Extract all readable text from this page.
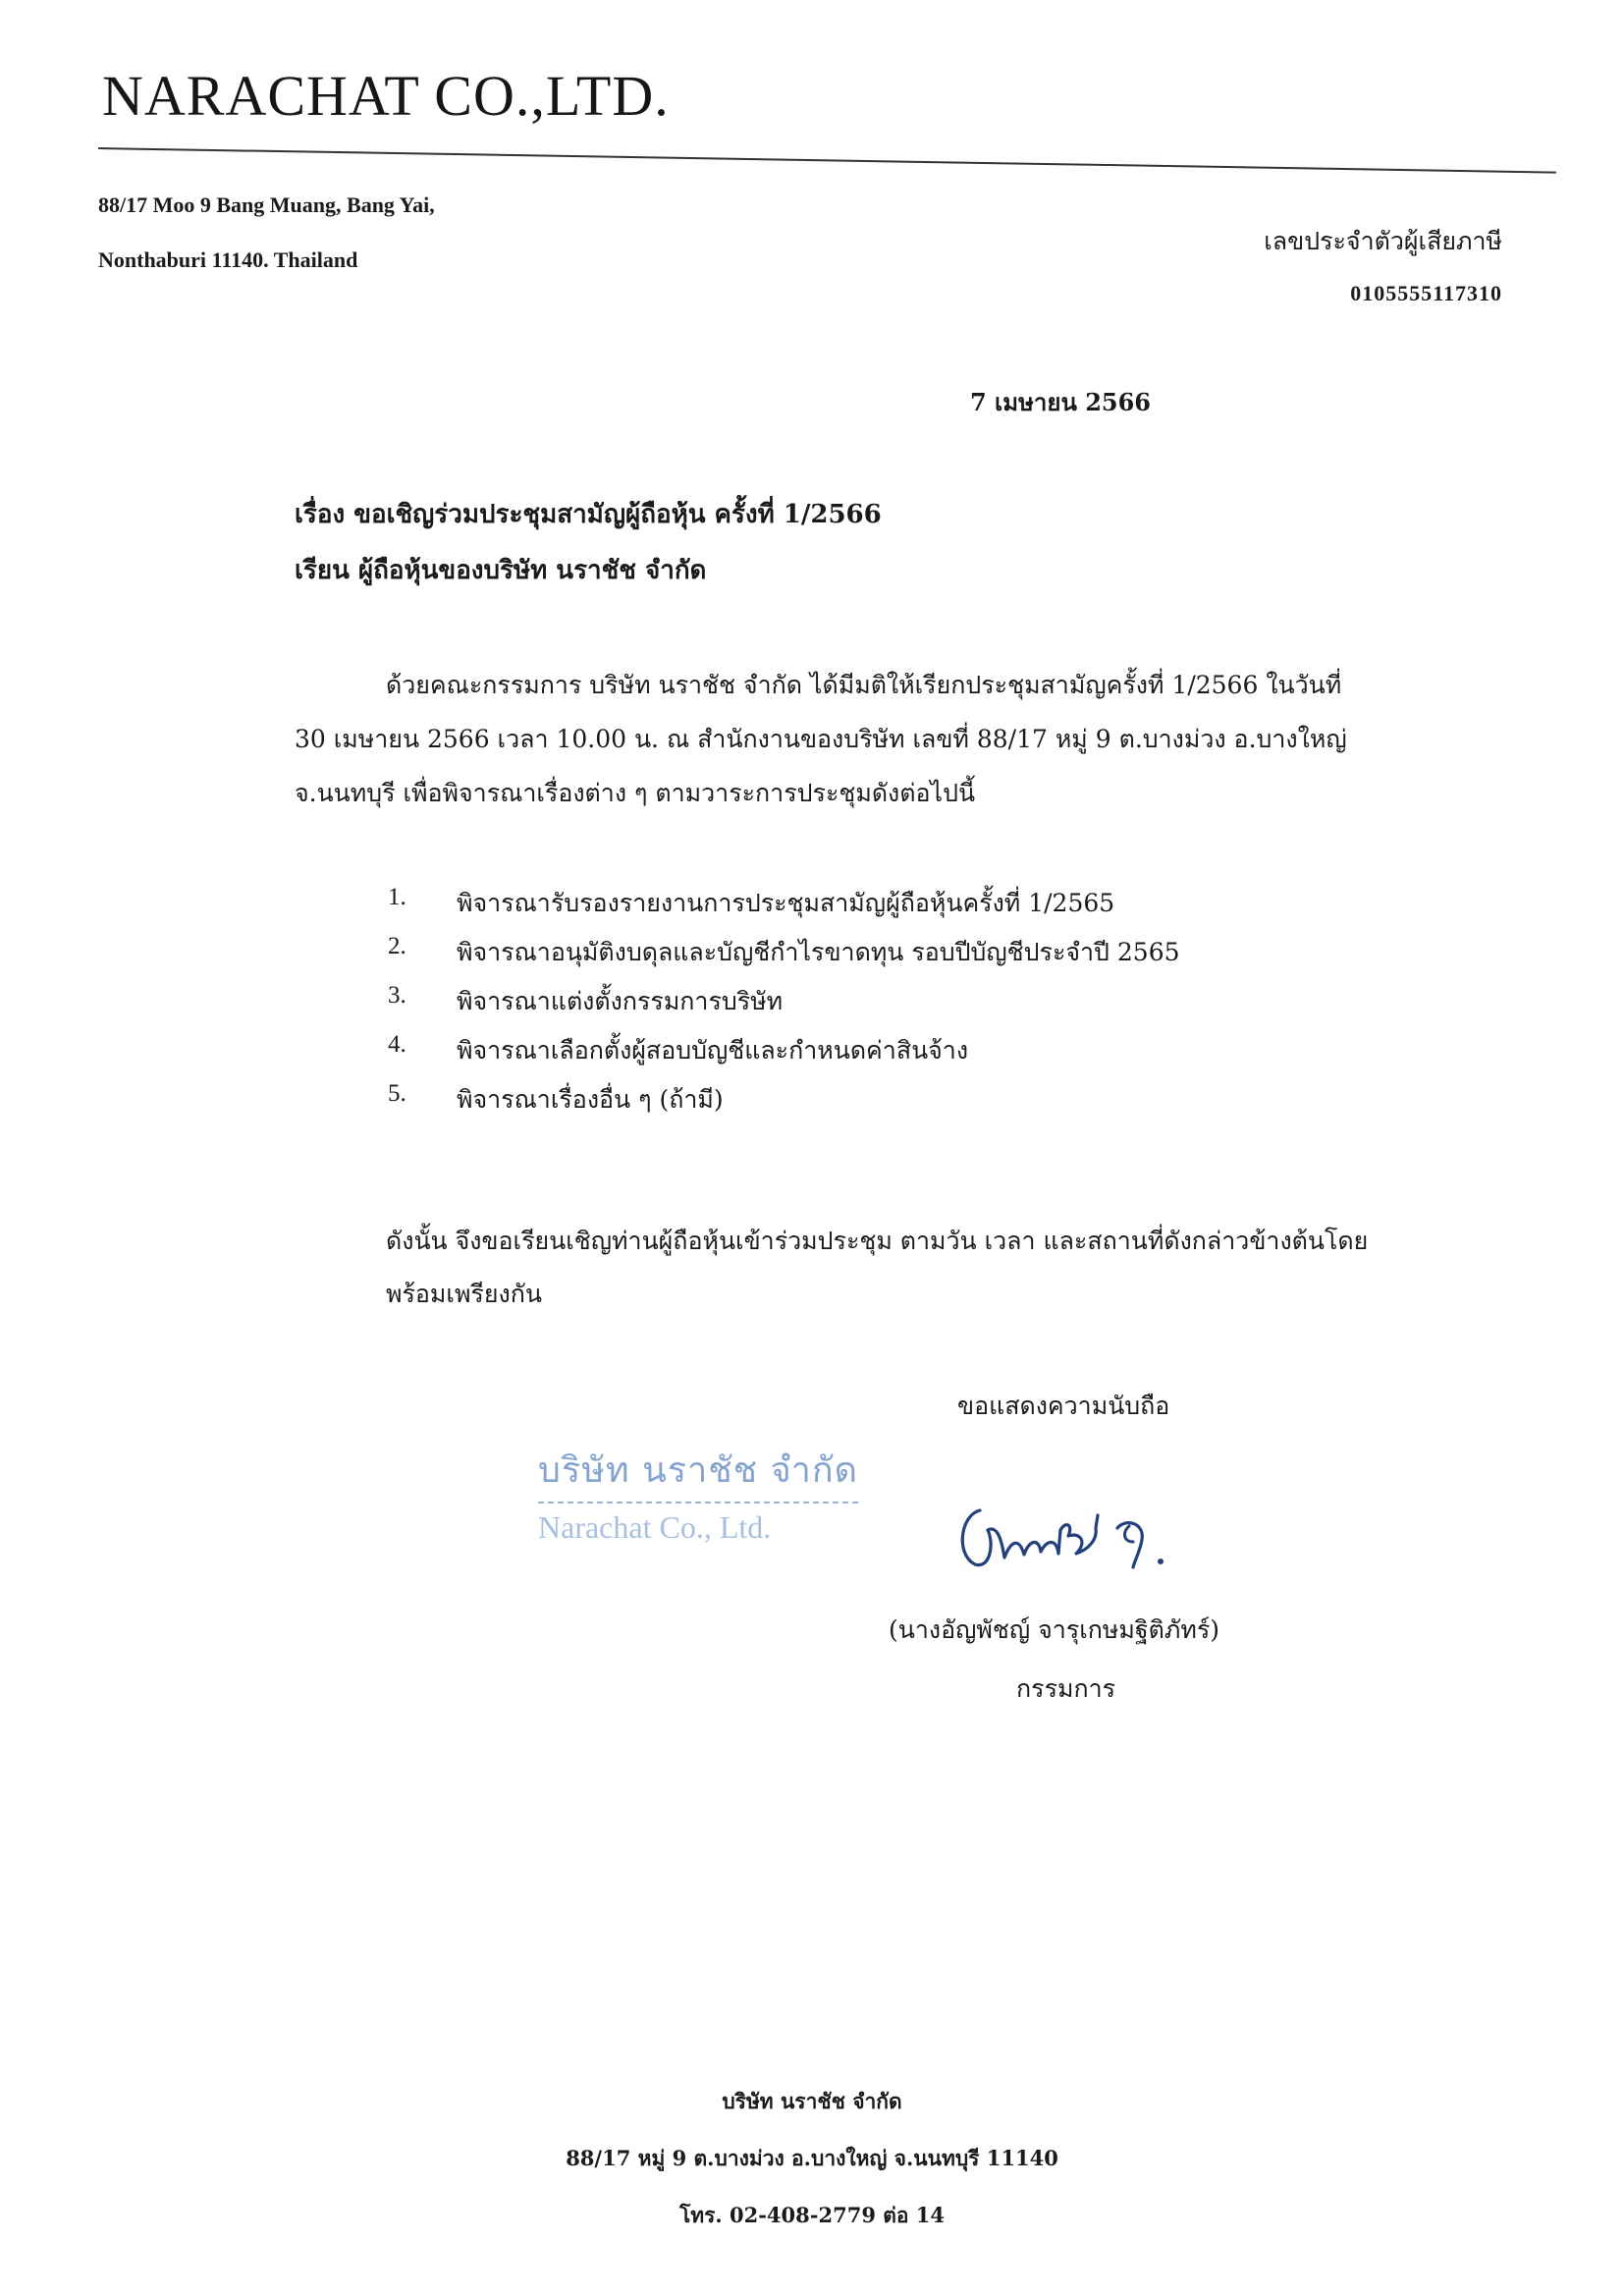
NARACHAT CO.,LTD.
88/17 Moo 9 Bang Muang, Bang Yai,
Nonthaburi 11140. Thailand
เลขประจำตัวผู้เสียภาษี
0105555117310
7 เมษายน 2566
เรื่อง ขอเชิญร่วมประชุมสามัญผู้ถือหุ้น ครั้งที่ 1/2566
เรียน ผู้ถือหุ้นของบริษัท นราชัช จำกัด
ด้วยคณะกรรมการ บริษัท นราชัช จำกัด ได้มีมติให้เรียกประชุมสามัญครั้งที่ 1/2566 ในวันที่
30 เมษายน 2566 เวลา 10.00 น. ณ สำนักงานของบริษัท เลขที่ 88/17 หมู่ 9 ต.บางม่วง อ.บางใหญ่
จ.นนทบุรี เพื่อพิจารณาเรื่องต่าง ๆ ตามวาระการประชุมดังต่อไปนี้
1.	พิจารณารับรองรายงานการประชุมสามัญผู้ถือหุ้นครั้งที่ 1/2565
2.	พิจารณาอนุมัติงบดุลและบัญชีกำไรขาดทุน รอบปีบัญชีประจำปี 2565
3.	พิจารณาแต่งตั้งกรรมการบริษัท
4.	พิจารณาเลือกตั้งผู้สอบบัญชีและกำหนดค่าสินจ้าง
5.	พิจารณาเรื่องอื่น ๆ (ถ้ามี)
ดังนั้น จึงขอเรียนเชิญท่านผู้ถือหุ้นเข้าร่วมประชุม ตามวัน เวลา และสถานที่ดังกล่าวข้างต้นโดย
พร้อมเพรียงกัน
ขอแสดงความนับถือ
บริษัท นราชัช จำกัด
Narachat Co., Ltd.
(นางอัญพัชญ์ จารุเกษมฐิติภัทร์)
กรรมการ
บริษัท นราชัช จำกัด
88/17 หมู่ 9 ต.บางม่วง อ.บางใหญ่ จ.นนทบุรี 11140
โทร. 02-408-2779 ต่อ 14
